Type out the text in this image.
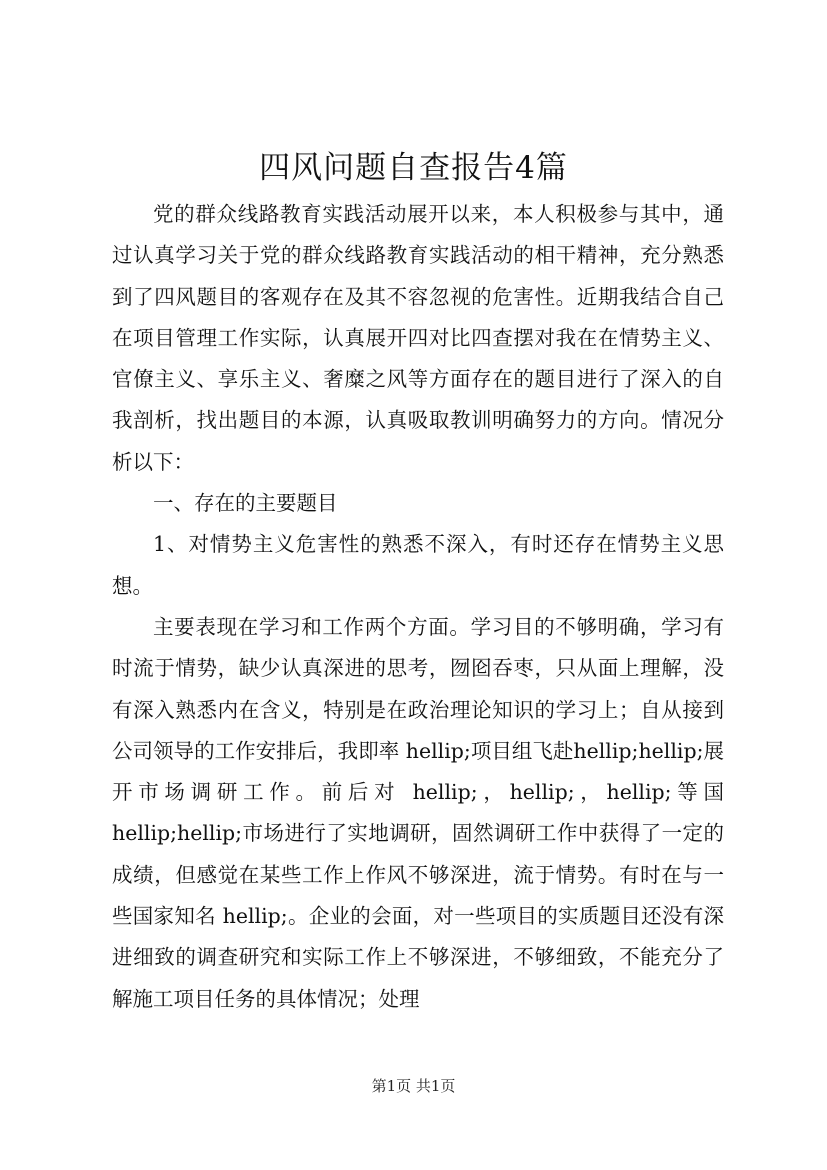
四风问题自查报告4篇

党的群众线路教育实践活动展开以来，本人积极参与其中，通过认真学习关于党的群众线路教育实践活动的相干精神，充分熟悉到了四风题目的客观存在及其不容忽视的危害性。近期我结合自己在项目管理工作实际，认真展开四对比四查摆对我在在情势主义、官僚主义、享乐主义、奢糜之风等方面存在的题目进行了深入的自我剖析，找出题目的本源，认真吸取教训明确努力的方向。情况分析以下：

一、存在的主要题目

1、对情势主义危害性的熟悉不深入，有时还存在情势主义思想。

主要表现在学习和工作两个方面。学习目的不够明确，学习有时流于情势，缺少认真深进的思考，囫囵吞枣，只从面上理解，没有深入熟悉内在含义，特别是在政治理论知识的学习上；自从接到公司领导的工作安排后，我即率 hellip;项目组飞赴hellip;hellip;展开市场调研工作。前后对 hellip;，hellip;，hellip;等国 hellip;hellip;市场进行了实地调研，固然调研工作中获得了一定的成绩，但感觉在某些工作上作风不够深进，流于情势。有时在与一些国家知名 hellip;。企业的会面，对一些项目的实质题目还没有深进细致的调查研究和实际工作上不够深进，不够细致，不能充分了解施工项目任务的具体情况；处理

第1页 共1页
